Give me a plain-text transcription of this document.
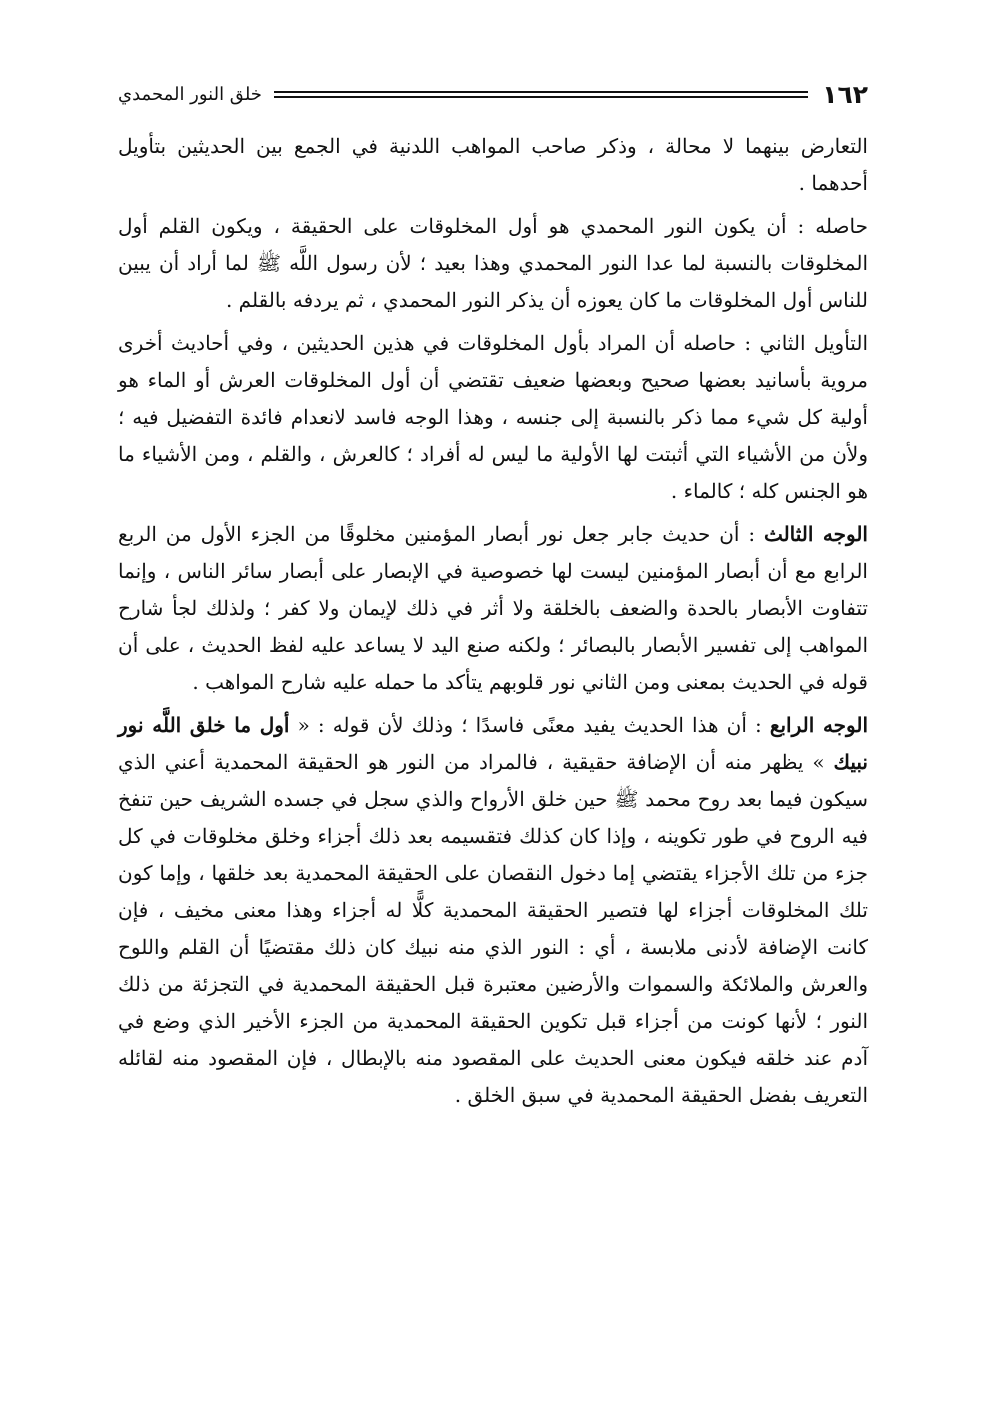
١٦٢
خلق النور المحمدي

التعارض بينهما لا محالة ، وذكر صاحب المواهب اللدنية في الجمع بين الحديثين بتأويل أحدهما .

حاصله : أن يكون النور المحمدي هو أول المخلوقات على الحقيقة ، ويكون القلم أول المخلوقات بالنسبة لما عدا النور المحمدي وهذا بعيد ؛ لأن رسول اللَّه ﷺ لما أراد أن يبين للناس أول المخلوقات ما كان يعوزه أن يذكر النور المحمدي ، ثم يردفه بالقلم .

التأويل الثاني : حاصله أن المراد بأول المخلوقات في هذين الحديثين ، وفي أحاديث أخرى مروية بأسانيد بعضها صحيح وبعضها ضعيف تقتضي أن أول المخلوقات العرش أو الماء هو أولية كل شيء مما ذكر بالنسبة إلى جنسه ، وهذا الوجه فاسد لانعدام فائدة التفضيل فيه ؛ ولأن من الأشياء التي أثبتت لها الأولية ما ليس له أفراد ؛ كالعرش ، والقلم ، ومن الأشياء ما هو الجنس كله ؛ كالماء .

الوجه الثالث : أن حديث جابر جعل نور أبصار المؤمنين مخلوقًا من الجزء الأول من الربع الرابع مع أن أبصار المؤمنين ليست لها خصوصية في الإبصار على أبصار سائر الناس ، وإنما تتفاوت الأبصار بالحدة والضعف بالخلقة ولا أثر في ذلك لإيمان ولا كفر ؛ ولذلك لجأ شارح المواهب إلى تفسير الأبصار بالبصائر ؛ ولكنه صنع اليد لا يساعد عليه لفظ الحديث ، على أن قوله في الحديث بمعنى ومن الثاني نور قلوبهم يتأكد ما حمله عليه شارح المواهب .

الوجه الرابع : أن هذا الحديث يفيد معنًى فاسدًا ؛ وذلك لأن قوله : « أول ما خلق اللَّه نور نبيك » يظهر منه أن الإضافة حقيقية ، فالمراد من النور هو الحقيقة المحمدية أعني الذي سيكون فيما بعد روح محمد ﷺ حين خلق الأرواح والذي سجل في جسده الشريف حين تنفخ فيه الروح في طور تكوينه ، وإذا كان كذلك فتقسيمه بعد ذلك أجزاء وخلق مخلوقات في كل جزء من تلك الأجزاء يقتضي إما دخول النقصان على الحقيقة المحمدية بعد خلقها ، وإما كون تلك المخلوقات أجزاء لها فتصير الحقيقة المحمدية كلًّا له أجزاء وهذا معنى مخيف ، فإن كانت الإضافة لأدنى ملابسة ، أي : النور الذي منه نبيك كان ذلك مقتضيًا أن القلم واللوح والعرش والملائكة والسموات والأرضين معتبرة قبل الحقيقة المحمدية في التجزئة من ذلك النور ؛ لأنها كونت من أجزاء قبل تكوين الحقيقة المحمدية من الجزء الأخير الذي وضع في آدم عند خلقه فيكون معنى الحديث على المقصود منه بالإبطال ، فإن المقصود منه لقائله التعريف بفضل الحقيقة المحمدية في سبق الخلق .
